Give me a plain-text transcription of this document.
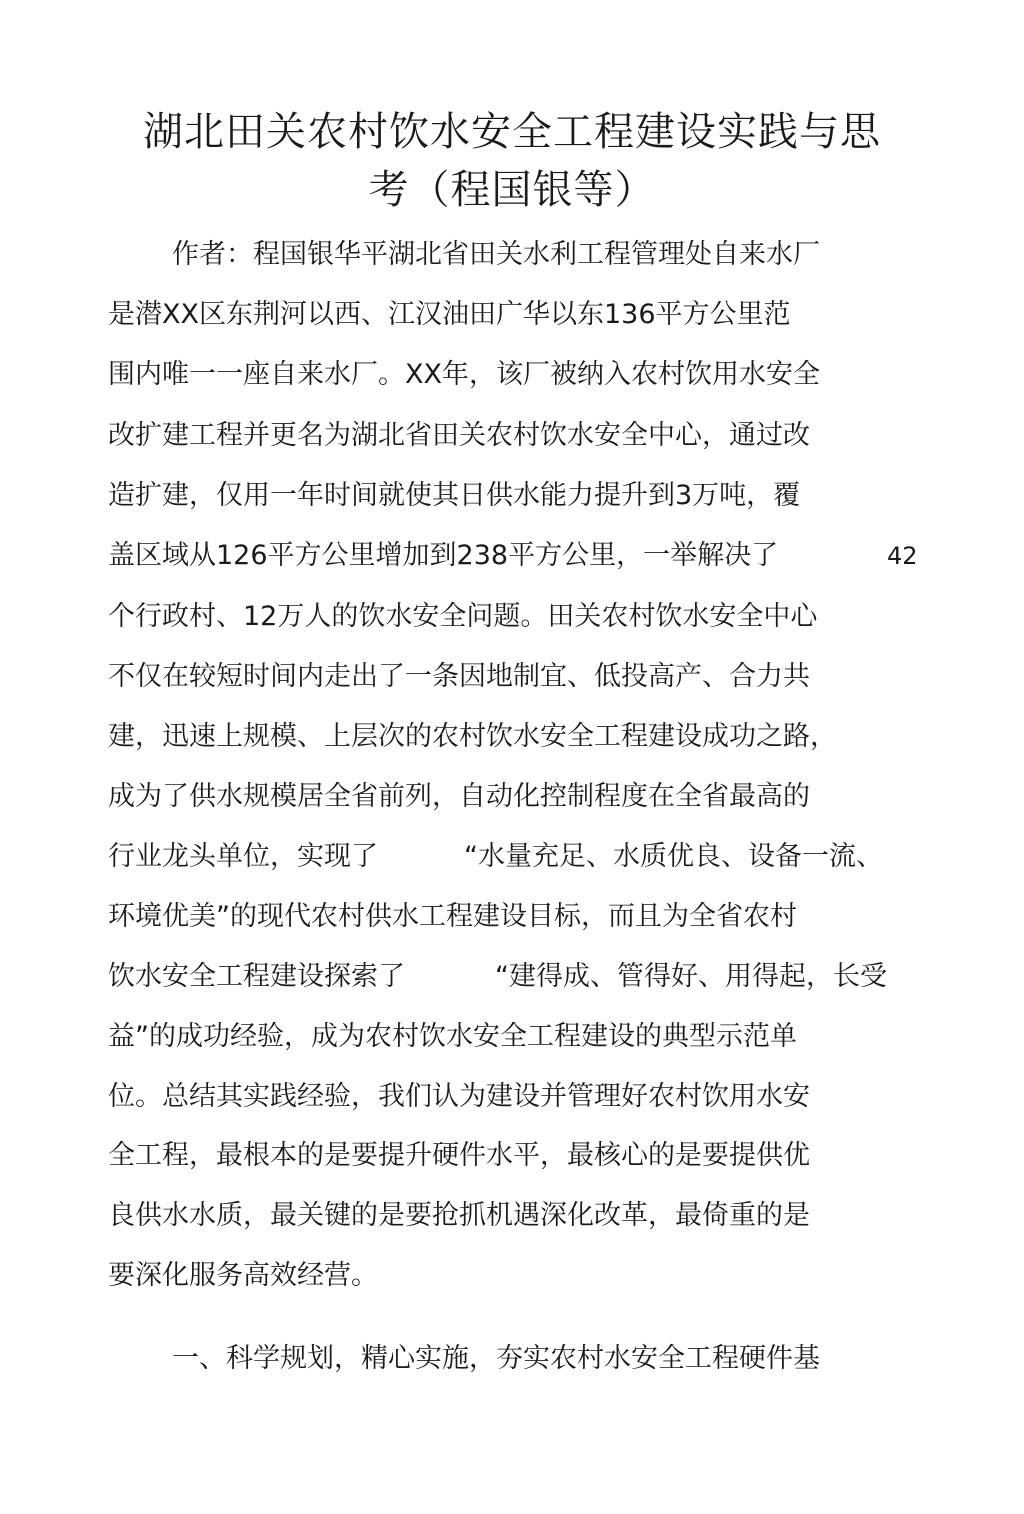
湖北田关农村饮水安全工程建设实践与思
考（程国银等）
作者：程国银华平湖北省田关水利工程管理处自来水厂
是潜XX区东荆河以西、江汉油田广华以东136平方公里范
围内唯一一座自来水厂。XX年，该厂被纳入农村饮用水安全
改扩建工程并更名为湖北省田关农村饮水安全中心，通过改
造扩建，仅用一年时间就使其日供水能力提升到3万吨，覆
盖区域从126平方公里增加到238平方公里，一举解决了	42
个行政村、12万人的饮水安全问题。田关农村饮水安全中心
不仅在较短时间内走出了一条因地制宜、低投高产、合力共
建，迅速上规模、上层次的农村饮水安全工程建设成功之路，
成为了供水规模居全省前列，自动化控制程度在全省最高的
行业龙头单位，实现了	“水量充足、水质优良、设备一流、
环境优美”的现代农村供水工程建设目标，而且为全省农村
饮水安全工程建设探索了	“建得成、管得好、用得起，长受
益”的成功经验，成为农村饮水安全工程建设的典型示范单
位。总结其实践经验，我们认为建设并管理好农村饮用水安
全工程，最根本的是要提升硬件水平，最核心的是要提供优
良供水水质，最关键的是要抢抓机遇深化改革，最倚重的是
要深化服务高效经营。
一、科学规划，精心实施，夯实农村水安全工程硬件基
